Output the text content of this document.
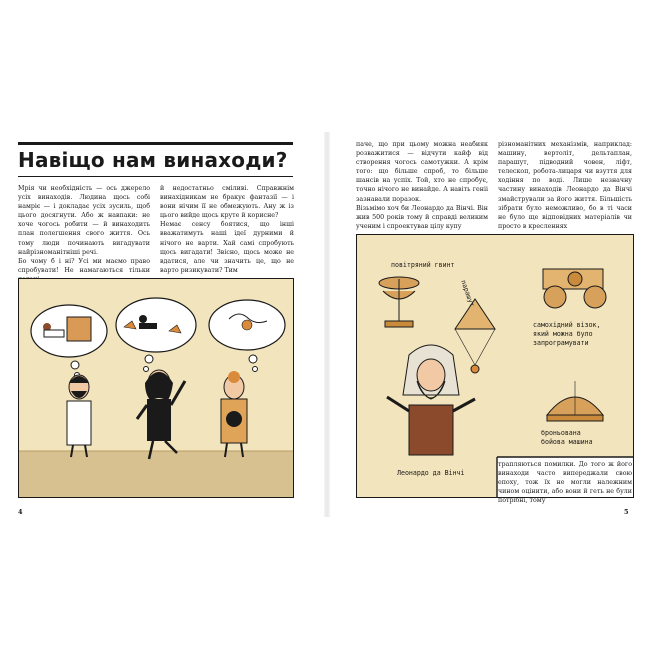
Навіщо нам винаходи?

Мрія чи необхідність — ось джерело усіх винаходів. Людина щось собі намріє — і докладає усіх зусиль, щоб цього досягнути. Або ж навпаки: не хоче чогось робити — й винаходить план полегшення свого життя. Ось тому люди починають вигадувати найрізноманітніші речі.

Бо чому б і ні? Усі ми маємо право спробувати! Не намагаються тільки

й недостатньо сміливі. Справжнім винахідникам не бракує фантазії — і вони нічим її не обмежують. Ану ж із цього вийде щось круте й корисне?

Немає сенсу боятися, що інші вважатимуть наші ідеї дурними й нічого не варти. Хай самі спробують щось вигадати! Звісно, щось може не вдатися, але чи значить це, що не варто ризикувати? Тим

4

паче, що при цьому можна неабияк розважитися — відчути кайф від створення чогось самотужки. А крім того: що більше спроб, то більше шансів на успіх. Той, хто не спробує, точно нічого не винайде. А навіть геніі зазнавали поразок.

Візьмімо хоч би Леонардо да Вінчі. Він жив 500 років тому й справді великим ученим і спроектував цілу купу

різноманітних механізмів, наприклад: машину, вертоліт, дельтаплан, парашут, підводний човен, ліфт, телескоп, робота-лицаря чи взуття для ходіння по воді. Лише незначну частину винаходів Леонардо да Вінчі змайстрували за його життя. Більшість зібрати було неможливо, бо в ті часи не було ще відповідних матеріалів чи просто в кресленнях

повітряний гвинт
парашут
самохідний візок, який можна було запрограмувати
броньована бойова машина
Леонардо да Вінчі

трапляються помилки. До того ж його винаходи часто випереджали свою епоху, тож їх не могли належним чином оцінити, або вони й геть не були потрібні, тому

5
